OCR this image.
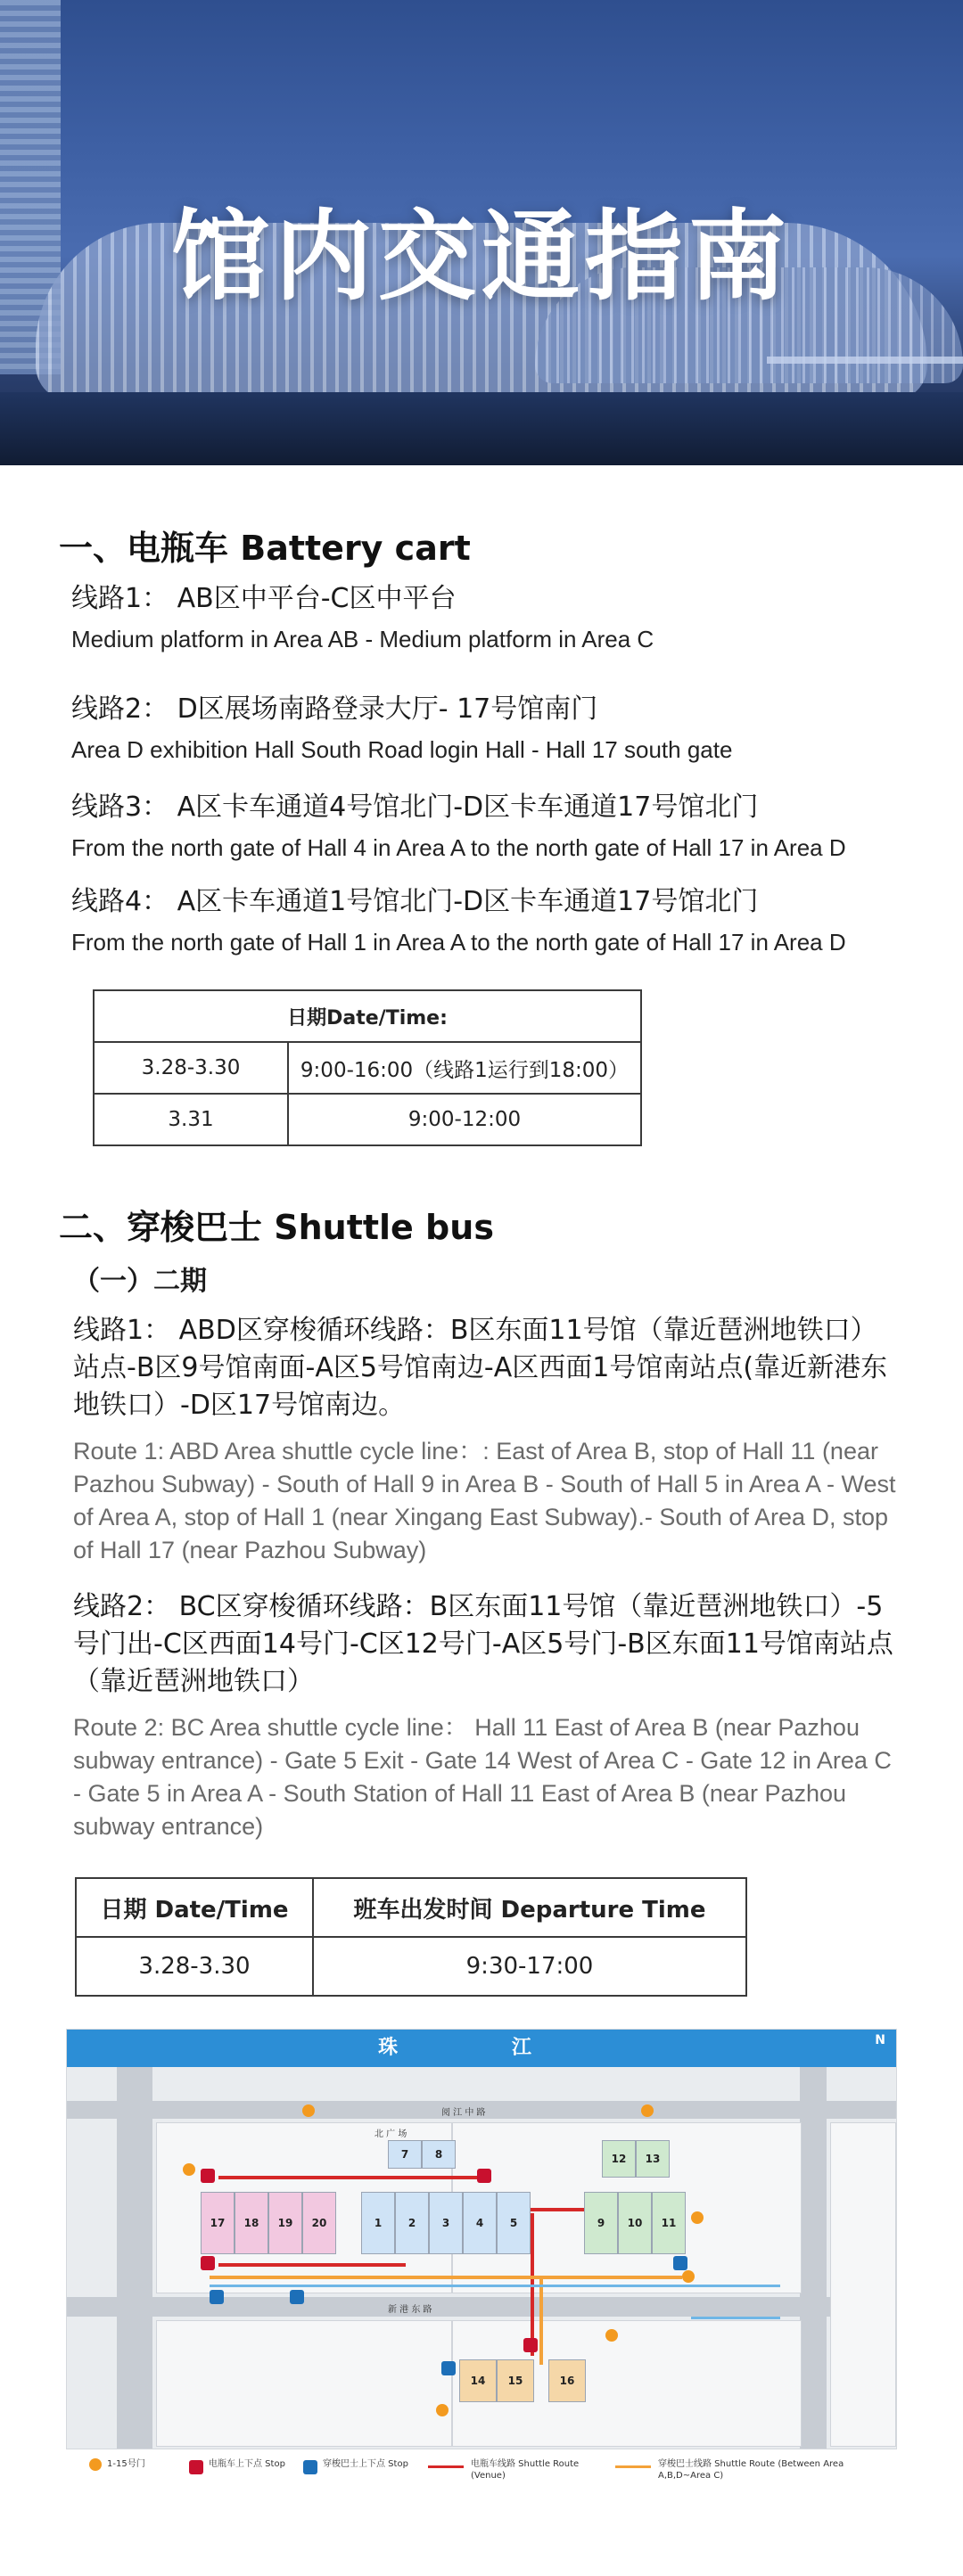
馆内交通指南
一、电瓶车 Battery cart
线路1： AB区中平台-C区中平台
Medium platform in Area AB - Medium platform in Area C
线路2： D区展场南路登录大厅- 17号馆南门
Area D exhibition Hall South Road login Hall - Hall 17 south gate
线路3： A区卡车通道4号馆北门-D区卡车通道17号馆北门
From the north gate of Hall 4 in Area A to the north gate of Hall 17 in Area D
线路4： A区卡车通道1号馆北门-D区卡车通道17号馆北门
From the north gate of Hall 1 in Area A to the north gate of Hall 17 in Area D
日期Date/Time:	
3.28-3.30	9:00-16:00（线路1运行到18:00）
3.31	9:00-12:00
二、穿梭巴士 Shuttle bus
（一）二期
线路1： ABD区穿梭循环线路：B区东面11号馆（靠近琶洲地铁口）站点-B区9号馆南面-A区5号馆南边-A区西面1号馆南站点(靠近新港东地铁口）-D区17号馆南边。
Route 1: ABD Area shuttle cycle line：: East of Area B, stop of Hall 11 (near Pazhou Subway) - South of Hall 9 in Area B - South of Hall 5 in Area A - West of Area A, stop of Hall 1 (near Xingang East Subway).- South of Area D, stop of Hall 17 (near Pazhou Subway)
线路2： BC区穿梭循环线路：B区东面11号馆（靠近琶洲地铁口）-5号门出-C区西面14号门-C区12号门-A区5号门-B区东面11号馆南站点（靠近琶洲地铁口）
Route 2: BC Area shuttle cycle line： Hall 11 East of Area B (near Pazhou subway entrance) - Gate 5 Exit - Gate 14 West of Area C - Gate 12 in Area C - Gate 5 in Area A - South Station of Hall 11 East of Area B (near Pazhou subway entrance)
日期 Date/Time	班车出发时间 Departure Time
3.28-3.30	9:30-17:00
珠 江	N
阅 江 中 路
新 港 东 路
北 广 场
17	18	19	20	1	2	3	4	5
7	8
9	10	11
12	13
14	15	16
1-15号门	电瓶车上下点 Stop	穿梭巴士上下点 Stop	电瓶车线路 Shuttle Route (Venue)
穿梭巴士线路 Shuttle Route (Between Area A,B,D~Area C)
